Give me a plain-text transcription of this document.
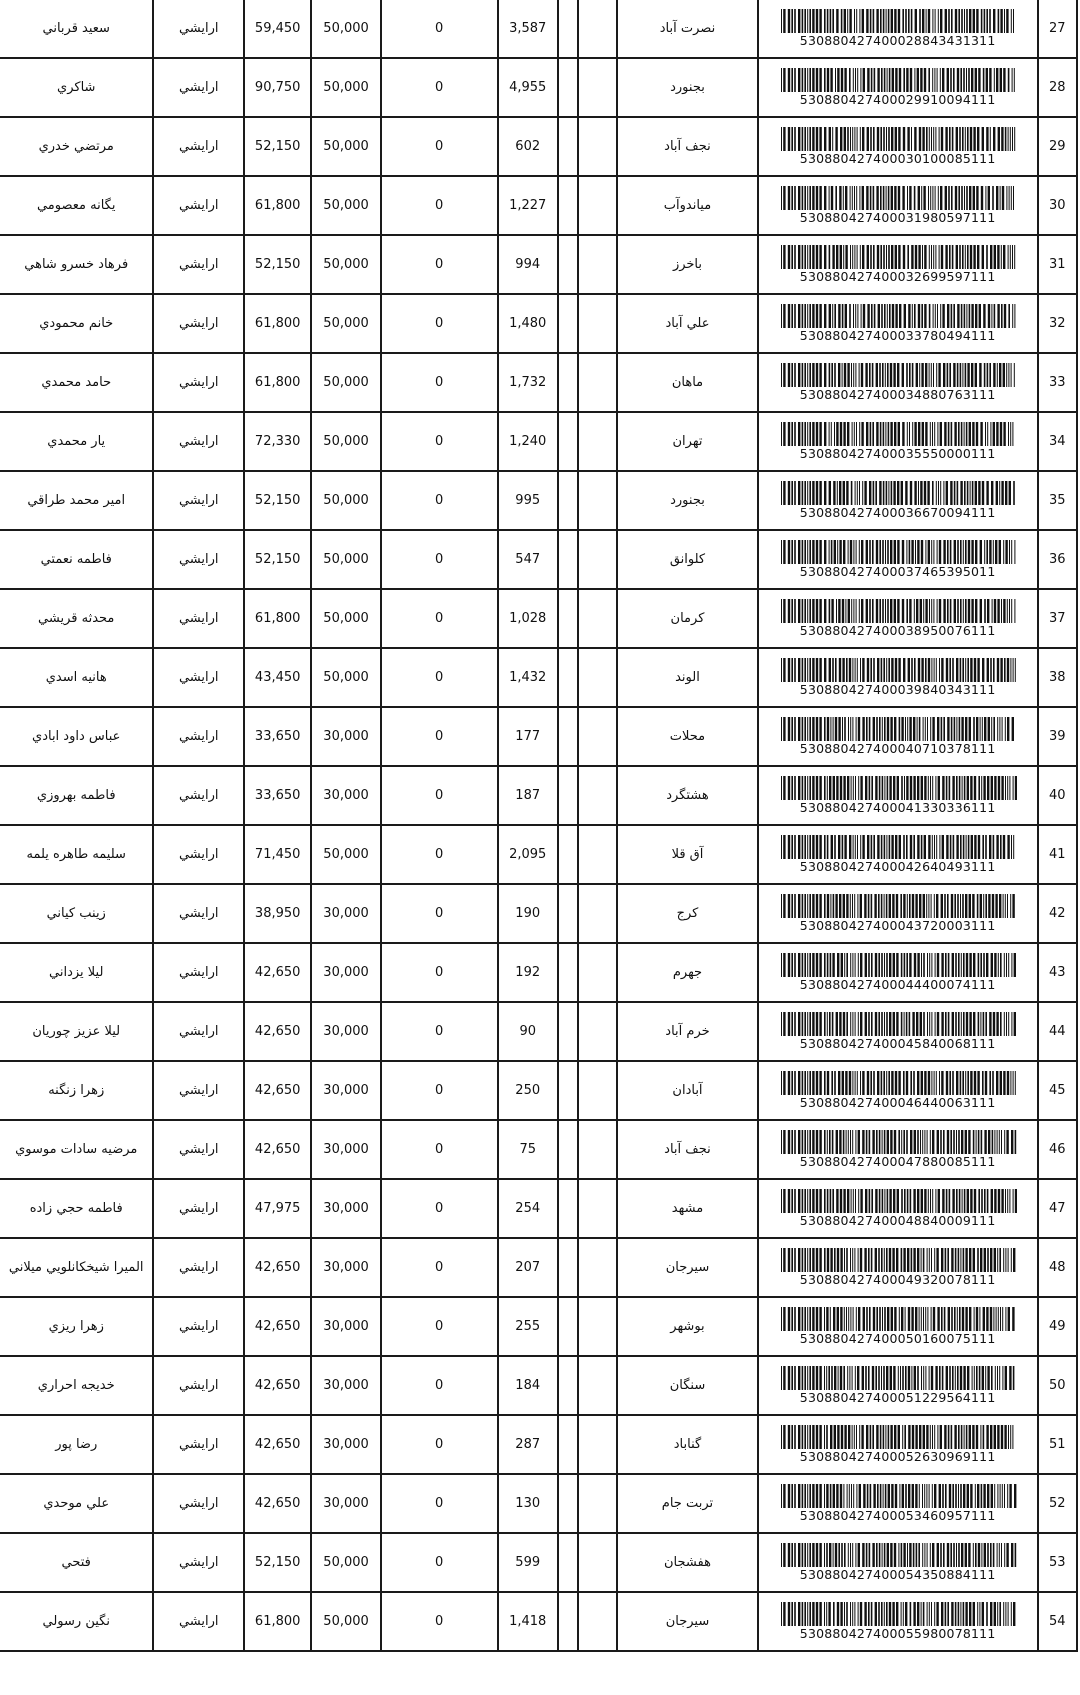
سعيد قرباني	ارايشي	59,450	50,000	0	3,587			نصرت آباد	530880427400028843431311	27
شاكري	ارايشي	90,750	50,000	0	4,955			بجنورد	530880427400029910094111	28
مرتضي خدري	ارايشي	52,150	50,000	0	602			نجف آباد	530880427400030100085111	29
يگانه معصومي	ارايشي	61,800	50,000	0	1,227			مياندوآب	530880427400031980597111	30
فرهاد خسرو شاهي	ارايشي	52,150	50,000	0	994			باخرز	530880427400032699597111	31
خانم محمودي	ارايشي	61,800	50,000	0	1,480			علي آباد	530880427400033780494111	32
حامد محمدي	ارايشي	61,800	50,000	0	1,732			ماهان	530880427400034880763111	33
يار محمدي	ارايشي	72,330	50,000	0	1,240			تهران	530880427400035550000111	34
امير محمد طراقي	ارايشي	52,150	50,000	0	995			بجنورد	530880427400036670094111	35
فاطمه نعمتي	ارايشي	52,150	50,000	0	547			كلوانق	530880427400037465395011	36
محدثه قريشي	ارايشي	61,800	50,000	0	1,028			كرمان	530880427400038950076111	37
هانيه اسدي	ارايشي	43,450	50,000	0	1,432			الوند	530880427400039840343111	38
عباس داود ابادي	ارايشي	33,650	30,000	0	177			محلات	530880427400040710378111	39
فاطمه بهروزي	ارايشي	33,650	30,000	0	187			هشتگرد	530880427400041330336111	40
سليمه طاهره يلمه	ارايشي	71,450	50,000	0	2,095			آق قلا	530880427400042640493111	41
زينب كياني	ارايشي	38,950	30,000	0	190			كرج	530880427400043720003111	42
ليلا يزداني	ارايشي	42,650	30,000	0	192			جهرم	530880427400044400074111	43
ليلا عزيز چوريان	ارايشي	42,650	30,000	0	90			خرم آباد	530880427400045840068111	44
زهرا زنگنه	ارايشي	42,650	30,000	0	250			آبادان	530880427400046440063111	45
مرضيه سادات موسوي	ارايشي	42,650	30,000	0	75			نجف آباد	530880427400047880085111	46
فاطمه حجي زاده	ارايشي	47,975	30,000	0	254			مشهد	530880427400048840009111	47
الميرا شيخكانلويي ميلاني	ارايشي	42,650	30,000	0	207			سيرجان	530880427400049320078111	48
زهرا ريزي	ارايشي	42,650	30,000	0	255			بوشهر	530880427400050160075111	49
خديجه احراري	ارايشي	42,650	30,000	0	184			سنگان	530880427400051229564111	50
رضا پور	ارايشي	42,650	30,000	0	287			گناباد	530880427400052630969111	51
علي موحدي	ارايشي	42,650	30,000	0	130			تربت جام	530880427400053460957111	52
فتحي	ارايشي	52,150	50,000	0	599			هفشجان	530880427400054350884111	53
نگين رسولي	ارايشي	61,800	50,000	0	1,418			سيرجان	530880427400055980078111	54
